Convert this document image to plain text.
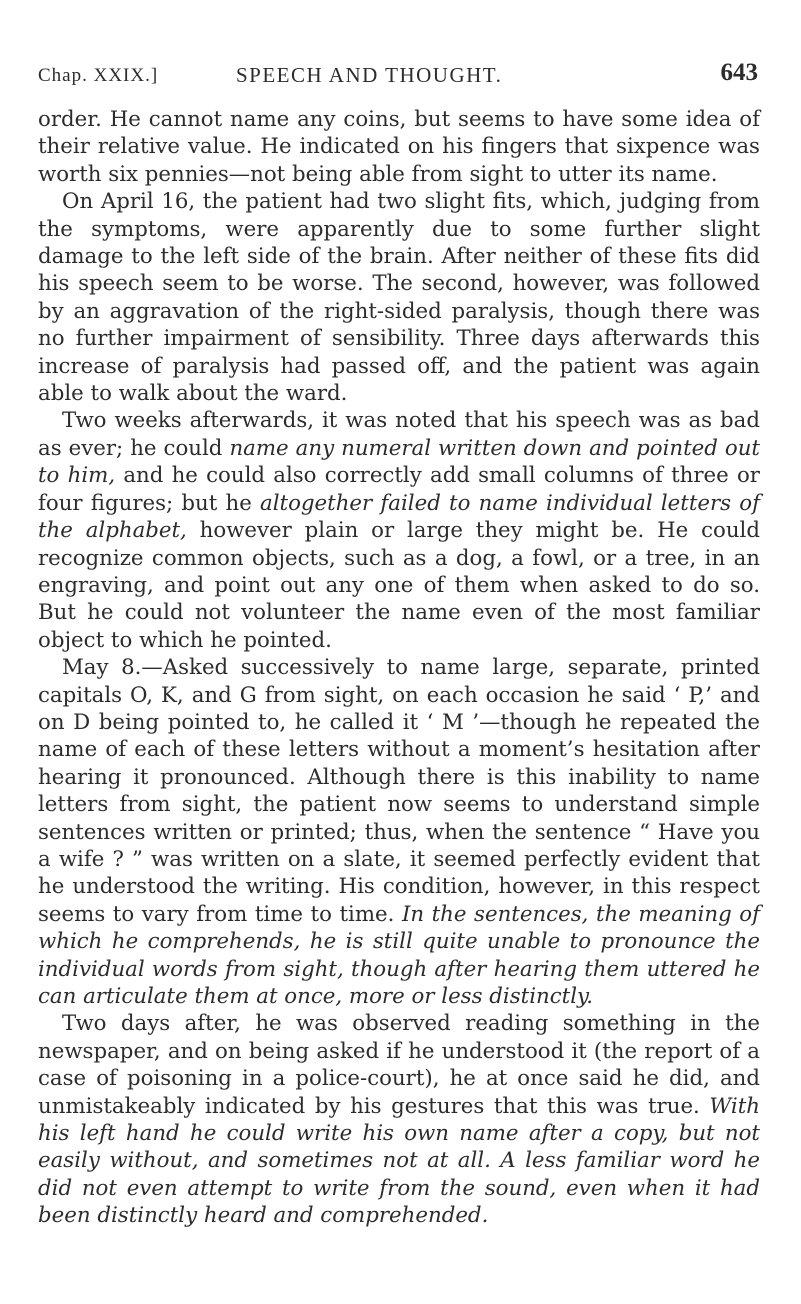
Chap. XXIX.]	SPEECH AND THOUGHT.	643

order. He cannot name any coins, but seems to have some idea of their relative value. He indicated on his fingers that sixpence was worth six pennies—not being able from sight to utter its name.

On April 16, the patient had two slight fits, which, judging from the symptoms, were apparently due to some further slight damage to the left side of the brain. After neither of these fits did his speech seem to be worse. The second, however, was followed by an aggravation of the right-sided paralysis, though there was no further impairment of sensibility. Three days afterwards this increase of paralysis had passed off, and the patient was again able to walk about the ward.

Two weeks afterwards, it was noted that his speech was as bad as ever; he could name any numeral written down and pointed out to him, and he could also correctly add small columns of three or four figures; but he altogether failed to name individual letters of the alphabet, however plain or large they might be. He could recognize common objects, such as a dog, a fowl, or a tree, in an engraving, and point out any one of them when asked to do so. But he could not volunteer the name even of the most familiar object to which he pointed.

May 8.—Asked successively to name large, separate, printed capitals O, K, and G from sight, on each occasion he said ‘ P,’ and on D being pointed to, he called it ‘ M ’—though he repeated the name of each of these letters without a moment’s hesitation after hearing it pronounced. Although there is this inability to name letters from sight, the patient now seems to understand simple sentences written or printed; thus, when the sentence “ Have you a wife ? ” was written on a slate, it seemed perfectly evident that he understood the writing. His condition, however, in this respect seems to vary from time to time. In the sentences, the meaning of which he comprehends, he is still quite unable to pronounce the individual words from sight, though after hearing them uttered he can articulate them at once, more or less distinctly.

Two days after, he was observed reading something in the newspaper, and on being asked if he understood it (the report of a case of poisoning in a police-court), he at once said he did, and unmistakeably indicated by his gestures that this was true. With his left hand he could write his own name after a copy, but not easily without, and sometimes not at all. A less familiar word he did not even attempt to write from the sound, even when it had been distinctly heard and comprehended.
